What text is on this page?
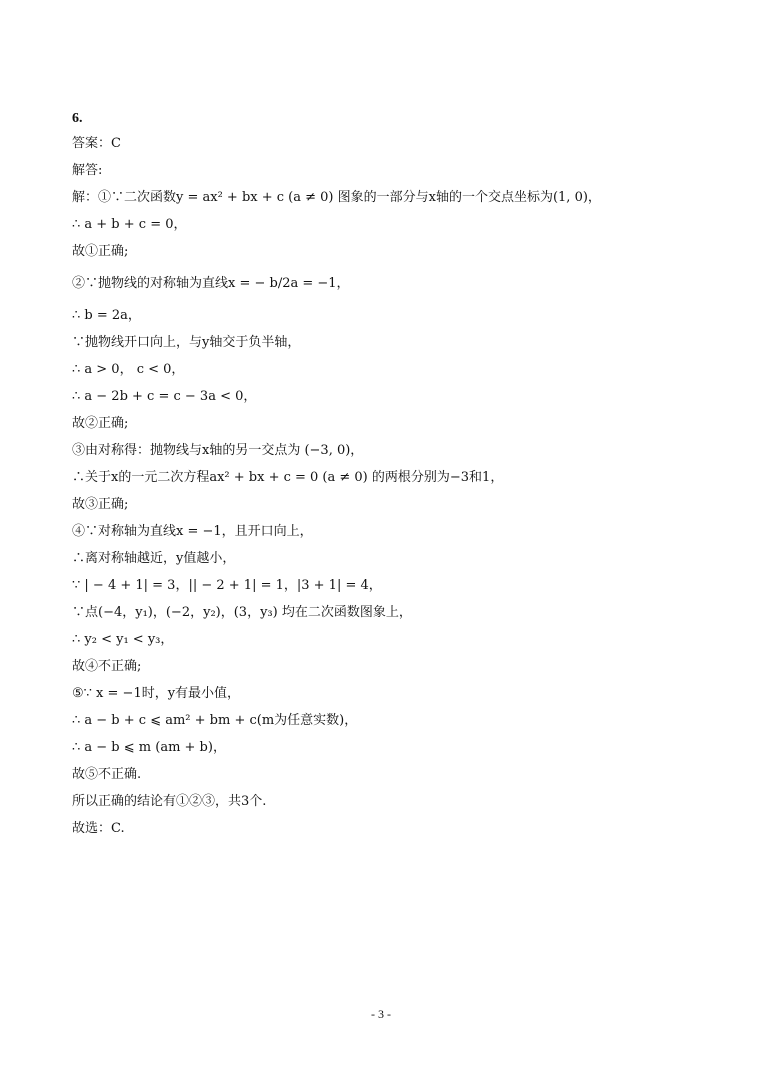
6.
答案：C
解答:
解：①∵二次函数y = ax² + bx + c (a ≠ 0) 图象的一部分与x轴的一个交点坐标为(1, 0)，
∴ a + b + c = 0，
故①正确;
②∵抛物线的对称轴为直线x = − b/2a = −1，
∴ b = 2a，
∵抛物线开口向上，与y轴交于负半轴，
∴ a > 0， c < 0，
∴ a − 2b + c = c − 3a < 0，
故②正确;
③由对称得：抛物线与x轴的另一交点为 (−3, 0)，
∴关于x的一元二次方程ax² + bx + c = 0 (a ≠ 0) 的两根分别为−3和1，
故③正确;
④∵对称轴为直线x = −1，且开口向上，
∴离对称轴越近，y值越小，
∵ | − 4 + 1| = 3，|| − 2 + 1| = 1，|3 + 1| = 4，
∵点(−4，y₁)，(−2，y₂)，(3，y₃) 均在二次函数图象上，
∴ y₂ < y₁ < y₃，
故④不正确;
⑤∵ x = −1时，y有最小值，
∴ a − b + c ⩽ am² + bm + c(m为任意实数)，
∴ a − b ⩽ m (am + b)，
故⑤不正确.
所以正确的结论有①②③，共3个.
故选：C.
- 3 -
